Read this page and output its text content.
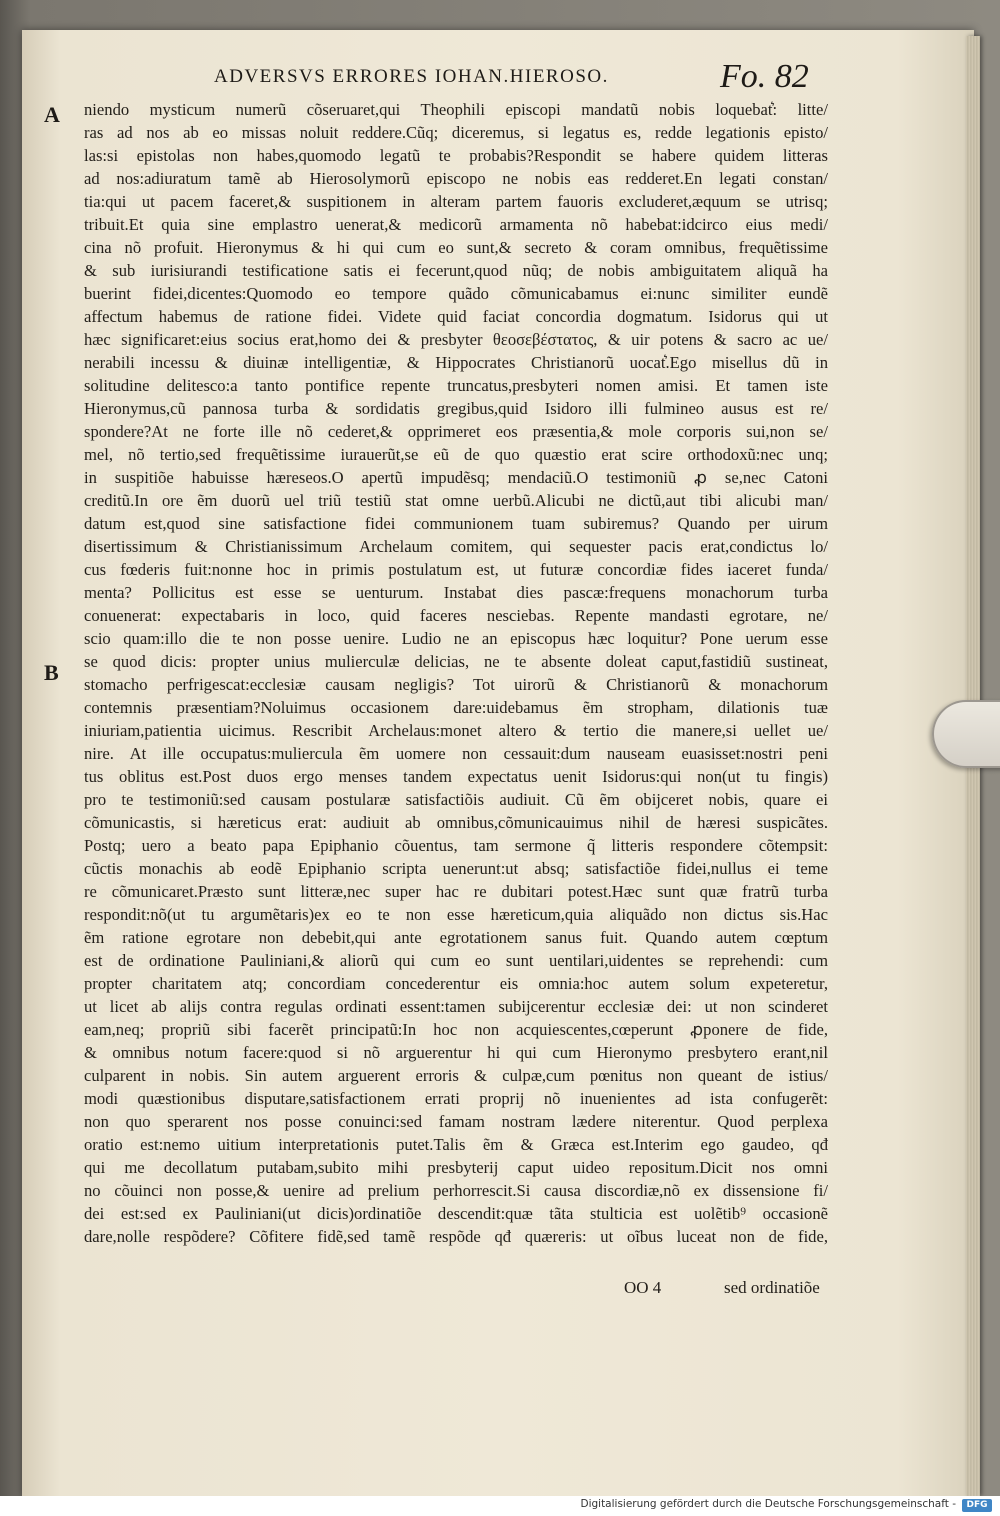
ADVERSVS ERRORES IOHAN.HIEROSO.	Fo. 82
A
B
niendo mysticum numerũ cõseruaret,qui Theophili episcopi mandatũ nobis loquebat͛: litte/
ras ad nos ab eo missas noluit reddere.Cũq; diceremus, si legatus es, redde legationis episto/
las:si epistolas non habes,quomodo legatũ te probabis?Respondit se habere quidem litteras
ad nos:adiuratum tamẽ ab Hierosolymorũ episcopo ne nobis eas redderet.En legati constan/
tia:qui ut pacem faceret,& suspitionem in alteram partem fauoris excluderet,æquum se utrisq;
tribuit.Et quia sine emplastro uenerat,& medicorũ armamenta nõ habebat:idcirco eius medi/
cina nõ profuit. Hieronymus & hi qui cum eo sunt,& secreto & coram omnibus, frequẽtissime
& sub iurisiurandi testificatione satis ei fecerunt,quod nũq; de nobis ambiguitatem aliquã ha
buerint fidei,dicentes:Quomodo eo tempore quãdo cõmunicabamus ei:nunc similiter eundẽ
affectum habemus de ratione fidei. Videte quid faciat concordia dogmatum. Isidorus qui ut
hæc significaret:eius socius erat,homo dei & presbyter θεοσεβέστατος, & uir potens & sacro ac ue/
nerabili incessu & diuinæ intelligentiæ, & Hippocrates Christianorũ uocat͛.Ego misellus dũ in
solitudine delitesco:a tanto pontifice repente truncatus,presbyteri nomen amisi. Et tamen iste
Hieronymus,cũ pannosa turba & sordidatis gregibus,quid Isidoro illi fulmineo ausus est re/
spondere?At ne forte ille nõ cederet,& opprimeret eos præsentia,& mole corporis sui,non se/
mel, nõ tertio,sed frequẽtissime iurauerũt,se eũ de quo quæstio erat scire orthodoxũ:nec unq;
in suspitiõe habuisse hæreseos.O apertũ impudẽsq; mendaciũ.O testimoniũ ꝓ se,nec Catoni
creditũ.In ore ẽm duorũ uel triũ testiũ stat omne uerbũ.Alicubi ne dictũ,aut tibi alicubi man/
datum est,quod sine satisfactione fidei communionem tuam subiremus? Quando per uirum
disertissimum & Christianissimum Archelaum comitem, qui sequester pacis erat,condictus lo/
cus fœderis fuit:nonne hoc in primis postulatum est, ut futuræ concordiæ fides iaceret funda/
menta? Pollicitus est esse se uenturum. Instabat dies pascæ:frequens monachorum turba
conuenerat: expectabaris in loco, quid faceres nesciebas. Repente mandasti egrotare, ne/
scio quam:illo die te non posse uenire. Ludio ne an episcopus hæc loquitur? Pone uerum esse
se quod dicis: propter unius mulierculæ delicias, ne te absente doleat caput,fastidiũ sustineat,
stomacho perfrigescat:ecclesiæ causam negligis? Tot uirorũ & Christianorũ & monachorum
contemnis præsentiam?Noluimus occasionem dare:uidebamus ẽm stropham, dilationis tuæ
iniuriam,patientia uicimus. Rescribit Archelaus:monet altero & tertio die manere,si uellet ue/
nire. At ille occupatus:muliercula ẽm uomere non cessauit:dum nauseam euasisset:nostri peni
tus oblitus est.Post duos ergo menses tandem expectatus uenit Isidorus:qui non(ut tu fingis)
pro te testimoniũ:sed causam postularæ satisfactiõis audiuit. Cũ ẽm obijceret nobis, quare ei
cõmunicastis, si hæreticus erat: audiuit ab omnibus,cõmunicauimus nihil de hæresi suspicãtes.
Postq; uero a beato papa Epiphanio cõuentus, tam sermone q̃ litteris respondere cõtempsit:
cũctis monachis ab eodẽ Epiphanio scripta uenerunt:ut absq; satisfactiõe fidei,nullus ei teme
re cõmunicaret.Præsto sunt litteræ,nec super hac re dubitari potest.Hæc sunt quæ fratrũ turba
respondit:nõ(ut tu argumẽtaris)ex eo te non esse hæreticum,quia aliquãdo non dictus sis.Hac
ẽm ratione egrotare non debebit,qui ante egrotationem sanus fuit. Quando autem cœptum
est de ordinatione Pauliniani,& aliorũ qui cum eo sunt uentilari,uidentes se reprehendi: cum
propter charitatem atq; concordiam concederentur eis omnia:hoc autem solum expeteretur,
ut licet ab alijs contra regulas ordinati essent:tamen subijcerentur ecclesiæ dei: ut non scinderet
eam,neq; propriũ sibi facerẽt principatũ:In hoc non acquiescentes,cœperunt ꝓponere de fide,
& omnibus notum facere:quod si nõ arguerentur hi qui cum Hieronymo presbytero erant,nil
culparent in nobis. Sin autem arguerent erroris & culpæ,cum pœnitus non queant de istius/
modi quæstionibus disputare,satisfactionem errati proprij nõ inuenientes ad ista confugerẽt:
non quo sperarent nos posse conuinci:sed famam nostram lædere niterentur. Quod perplexa
oratio est:nemo uitium interpretationis putet.Talis ẽm & Græca est.Interim ego gaudeo, qđ
qui me decollatum putabam,subito mihi presbyterij caput uideo repositum.Dicit nos omni
no cõuinci non posse,& uenire ad prelium perhorrescit.Si causa discordiæ,nõ ex dissensione fi/
dei est:sed ex Pauliniani(ut dicis)ordinatiõe descendit:quæ tãta stulticia est uolẽtib⁹ occasionẽ
dare,nolle respõdere? Cõfitere fidẽ,sed tamẽ respõde qđ quæreris: ut oĩbus luceat non de fide,
OO 4	sed ordinatiõe
Digitalisierung gefördert durch die Deutsche Forschungsgemeinschaft -	DFG
